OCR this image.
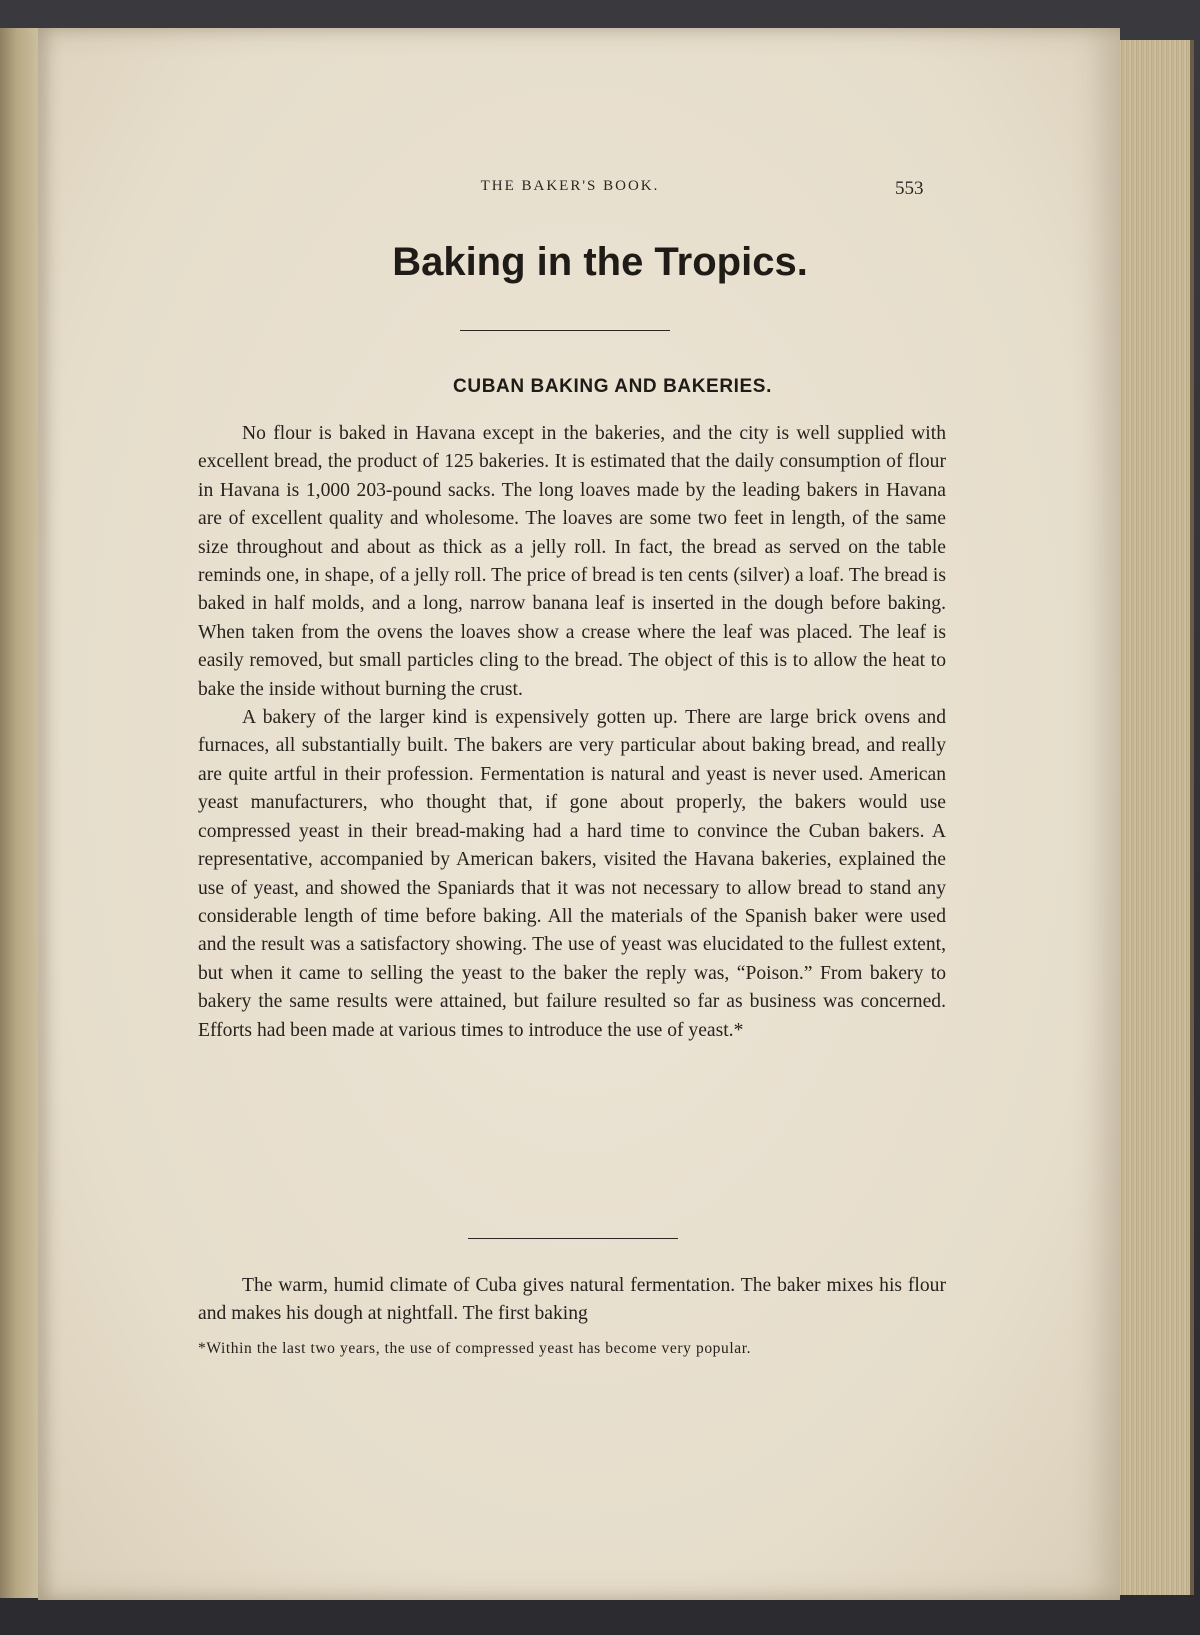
THE BAKER'S BOOK.	553
Baking in the Tropics.
CUBAN BAKING AND BAKERIES.

No flour is baked in Havana except in the bakeries, and the city is well supplied with excellent bread, the product of 125 bakeries. It is estimated that the daily consumption of flour in Havana is 1,000 203-pound sacks. The long loaves made by the leading bakers in Havana are of excellent quality and wholesome. The loaves are some two feet in length, of the same size throughout and about as thick as a jelly roll. In fact, the bread as served on the table reminds one, in shape, of a jelly roll. The price of bread is ten cents (silver) a loaf. The bread is baked in half molds, and a long, narrow banana leaf is inserted in the dough before baking. When taken from the ovens the loaves show a crease where the leaf was placed. The leaf is easily removed, but small particles cling to the bread. The object of this is to allow the heat to bake the inside without burning the crust.

A bakery of the larger kind is expensively gotten up. There are large brick ovens and furnaces, all substantially built. The bakers are very particular about baking bread, and really are quite artful in their profession. Fermentation is natural and yeast is never used. American yeast manufacturers, who thought that, if gone about properly, the bakers would use compressed yeast in their bread-making had a hard time to convince the Cuban bakers. A representative, accompanied by American bakers, visited the Havana bakeries, explained the use of yeast, and showed the Spaniards that it was not necessary to allow bread to stand any considerable length of time before baking. All the materials of the Spanish baker were used and the result was a satisfactory showing. The use of yeast was elucidated to the fullest extent, but when it came to selling the yeast to the baker the reply was, “Poison.” From bakery to bakery the same results were attained, but failure resulted so far as business was concerned. Efforts had been made at various times to introduce the use of yeast.*

The warm, humid climate of Cuba gives natural fermentation. The baker mixes his flour and makes his dough at nightfall. The first baking

*Within the last two years, the use of compressed yeast has become very popular.
